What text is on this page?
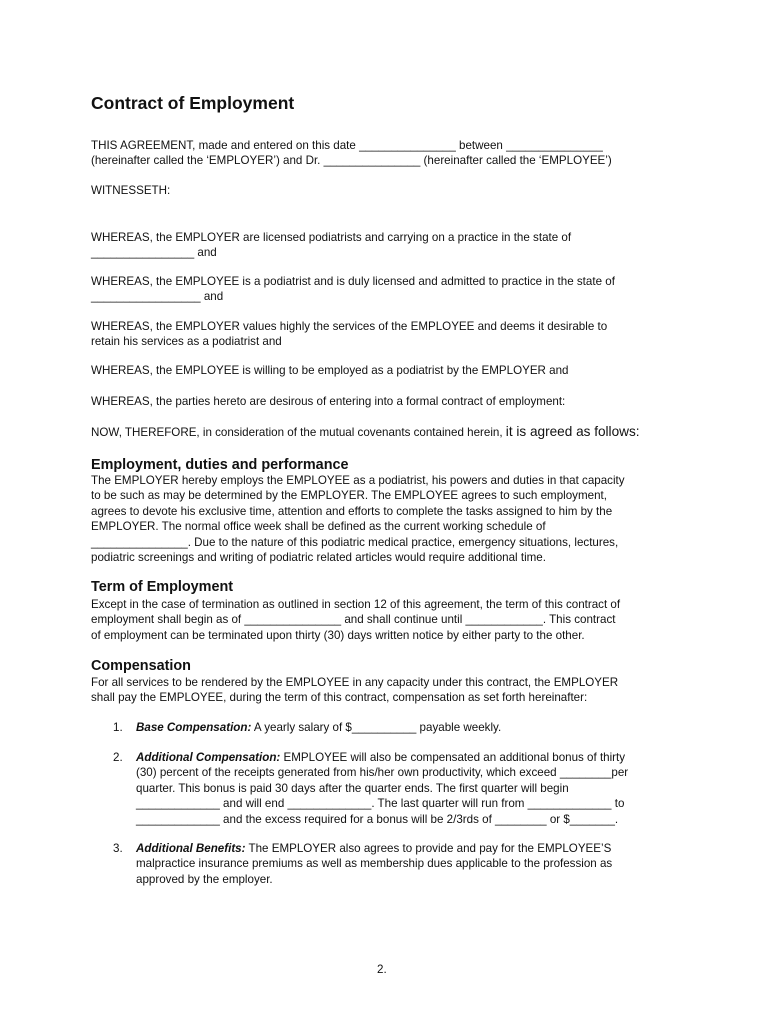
Contract of Employment
THIS AGREEMENT, made and entered on this date _______________ between _______________
(hereinafter called the ‘EMPLOYER’) and Dr. _______________ (hereinafter called the ‘EMPLOYEE’)
WITNESSETH:
WHEREAS, the EMPLOYER are licensed podiatrists and carrying on a practice in the state of
________________ and
WHEREAS, the EMPLOYEE is a podiatrist and is duly licensed and admitted to practice in the state of
_________________ and
WHEREAS, the EMPLOYER values highly the services of the EMPLOYEE and deems it desirable to
retain his services as a podiatrist and
WHEREAS, the EMPLOYEE is willing to be employed as a podiatrist by the EMPLOYER and
WHEREAS, the parties hereto are desirous of entering into a formal contract of employment:
NOW, THEREFORE, in consideration of the mutual covenants contained herein, it is agreed as follows:
Employment, duties and performance
The EMPLOYER hereby employs the EMPLOYEE as a podiatrist, his powers and duties in that capacity
to be such as may be determined by the EMPLOYER. The EMPLOYEE agrees to such employment,
agrees to devote his exclusive time, attention and efforts to complete the tasks assigned to him by the
EMPLOYER. The normal office week shall be defined as the current working schedule of
_______________. Due to the nature of this podiatric medical practice, emergency situations, lectures,
podiatric screenings and writing of podiatric related articles would require additional time.
Term of Employment
Except in the case of termination as outlined in section 12 of this agreement, the term of this contract of
employment shall begin as of _______________ and shall continue until ____________. This contract
of employment can be terminated upon thirty (30) days written notice by either party to the other.
Compensation
For all services to be rendered by the EMPLOYEE in any capacity under this contract, the EMPLOYER
shall pay the EMPLOYEE, during the term of this contract, compensation as set forth hereinafter:
1. Base Compensation: A yearly salary of $__________ payable weekly.
2. Additional Compensation: EMPLOYEE will also be compensated an additional bonus of thirty
(30) percent of the receipts generated from his/her own productivity, which exceed ________per
quarter. This bonus is paid 30 days after the quarter ends. The first quarter will begin
_____________ and will end _____________. The last quarter will run from _____________ to
_____________ and the excess required for a bonus will be 2/3rds of ________ or $_______.
3. Additional Benefits: The EMPLOYER also agrees to provide and pay for the EMPLOYEE’S
malpractice insurance premiums as well as membership dues applicable to the profession as
approved by the employer.
2.
